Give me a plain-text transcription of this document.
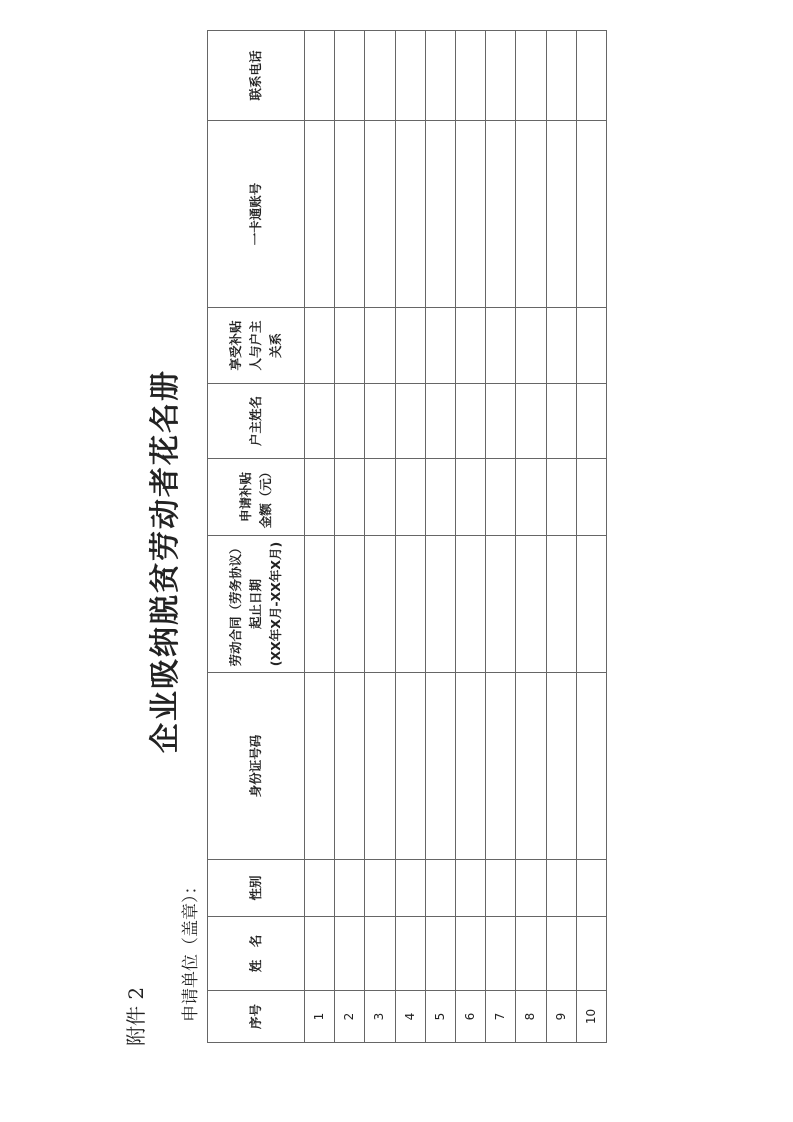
附件 2
企业吸纳脱贫劳动者花名册
申请单位（盖章）：	序号	姓　名	性别	身份证号码	劳动合同（劳务协议） 起止日期 (XX年X月-XX年X月)	申请补贴 金额（元）	户主姓名	享受补贴 人与户主 关系	一卡通账号	联系电话
1									
2									
3									
4									
5									
6									
7									
8									
9									
10									
